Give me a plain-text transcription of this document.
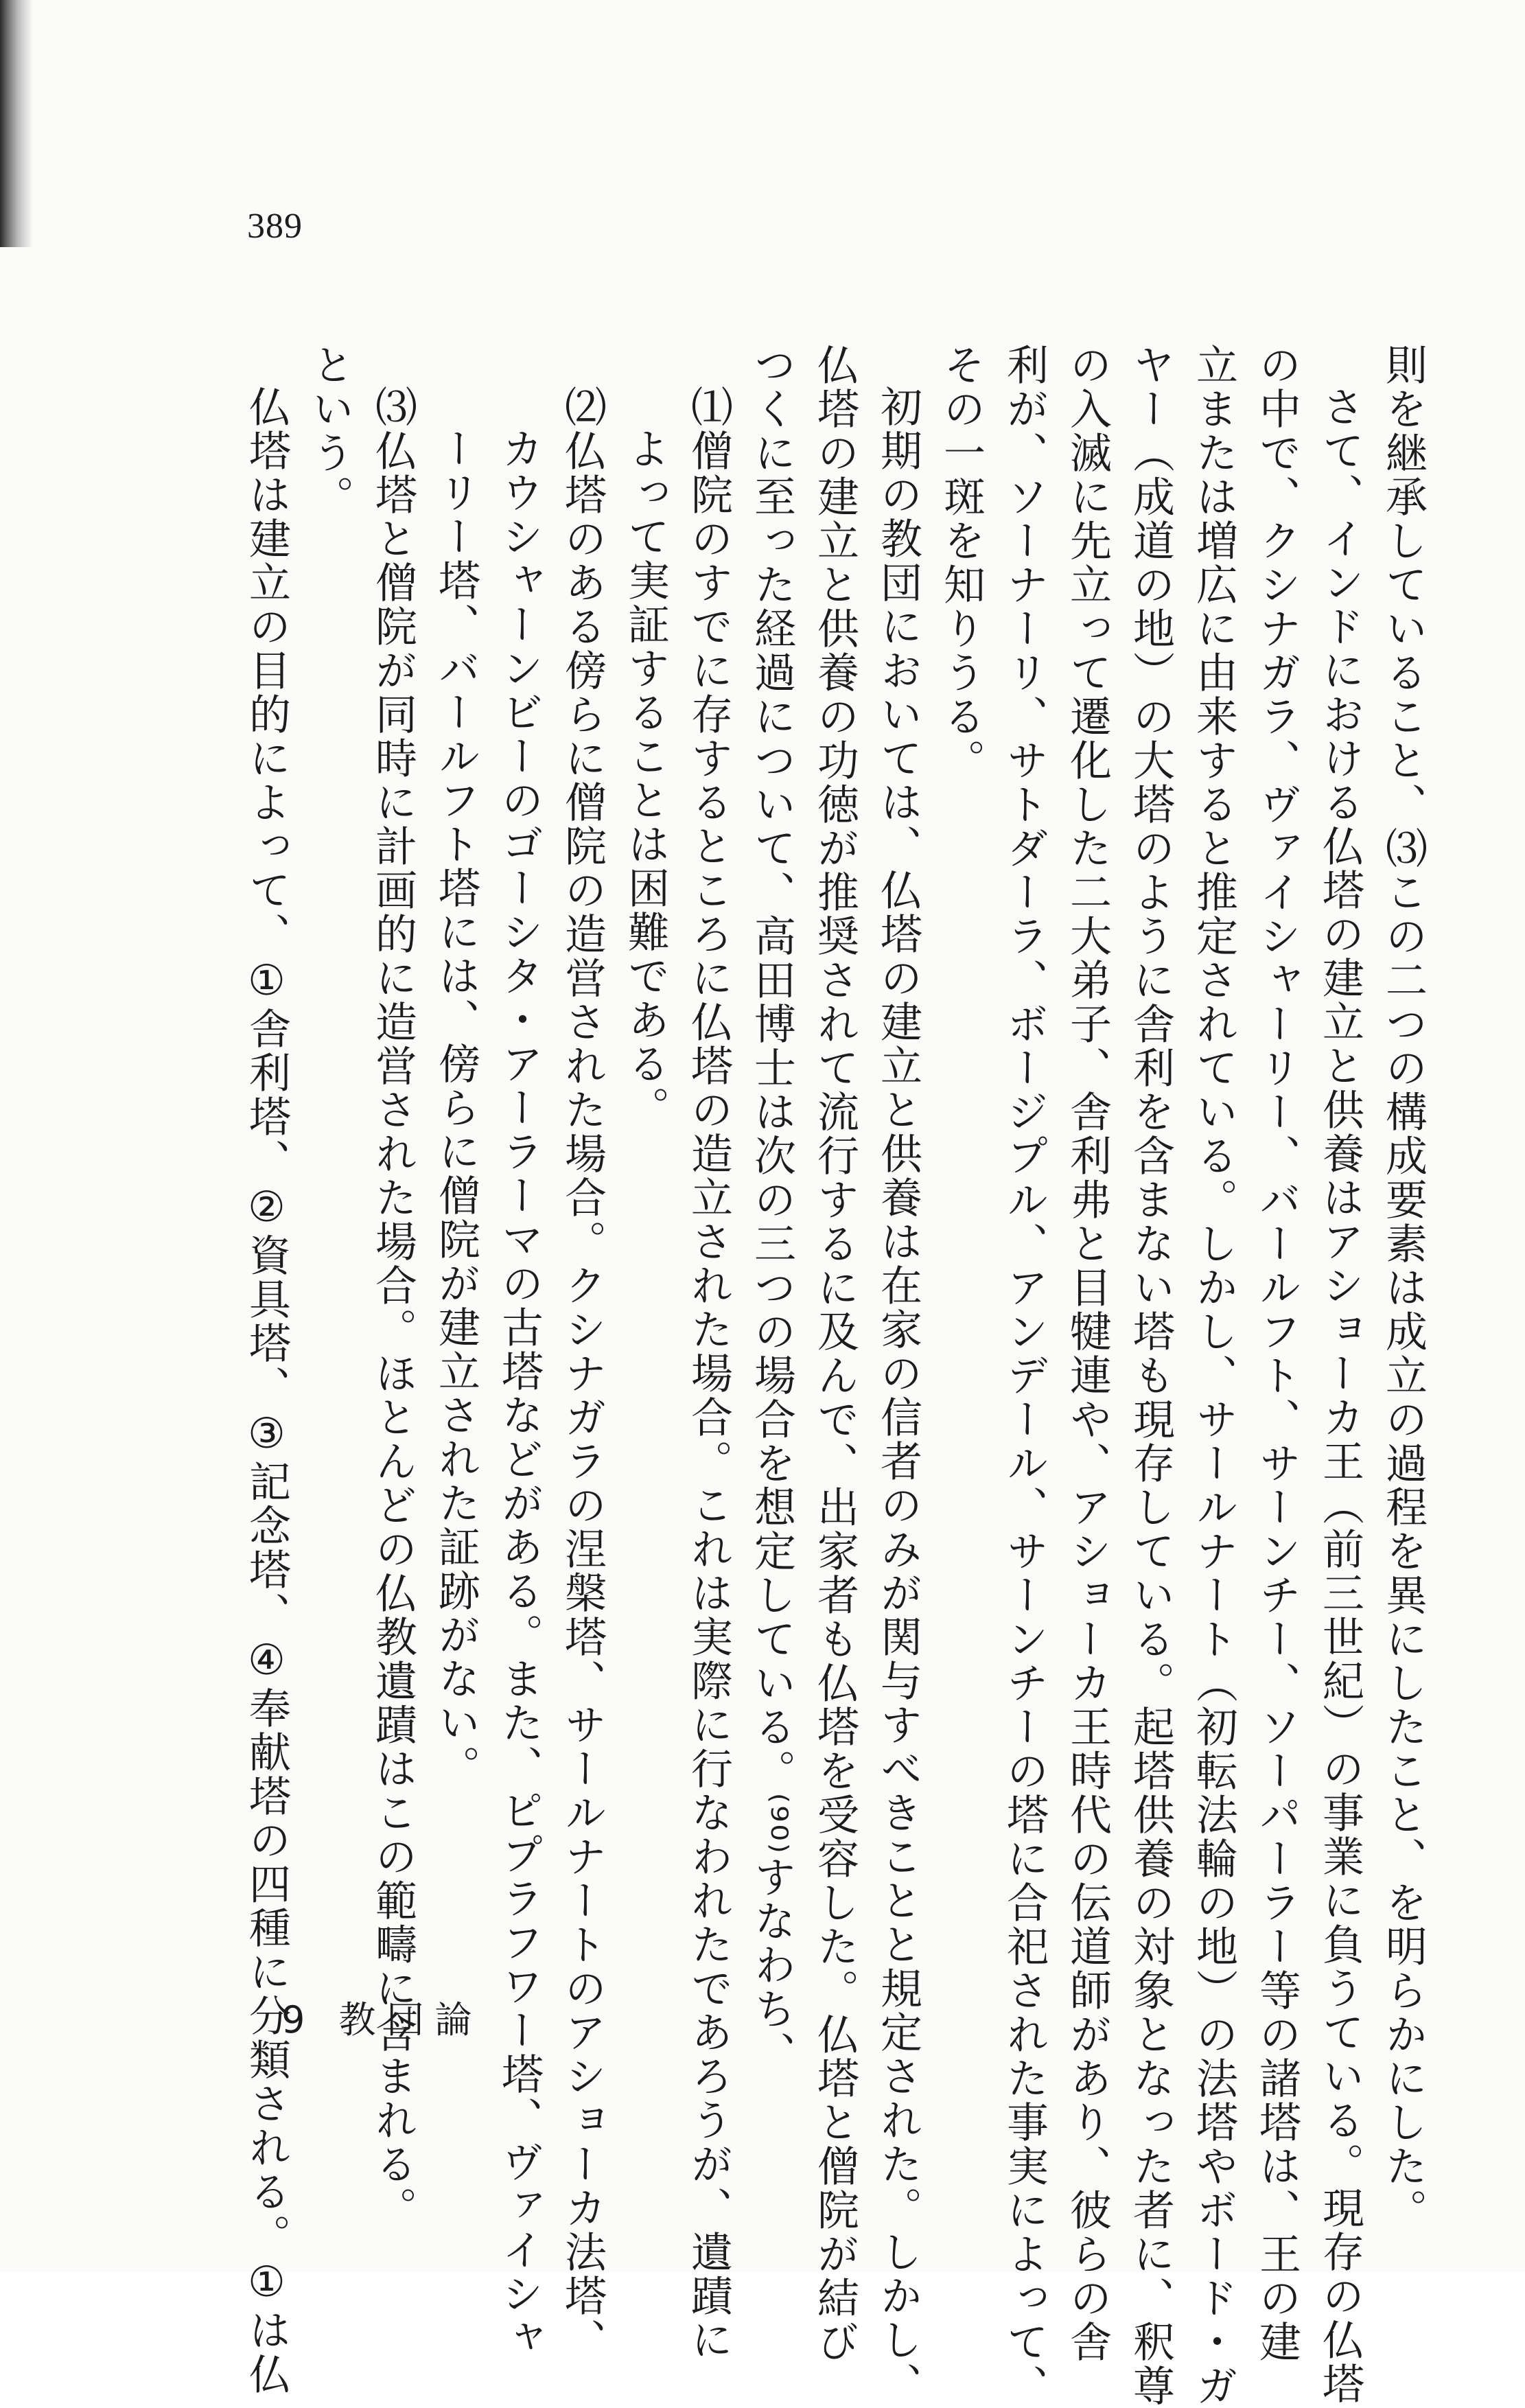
389
則を継承していること、⑶この二つの構成要素は成立の過程を異にしたこと、を明らかにした。
さて、インドにおける仏塔の建立と供養はアショーカ王（前三世紀）の事業に負うている。現存の仏塔
の中で、クシナガラ、ヴァイシャーリー、バールフト、サーンチー、ソーパーラー等の諸塔は、王の建
立または増広に由来すると推定されている。しかし、サールナート（初転法輪の地）の法塔やボード・ガ
ヤー（成道の地）の大塔のように舎利を含まない塔も現存している。起塔供養の対象となった者に、釈尊
の入滅に先立って遷化した二大弟子、舎利弗と目犍連や、アショーカ王時代の伝道師があり、彼らの舎
利が、ソーナーリ、サトダーラ、ボージプル、アンデール、サーンチーの塔に合祀された事実によって、
その一斑を知りうる。
初期の教団においては、仏塔の建立と供養は在家の信者のみが関与すべきことと規定された。しかし、
仏塔の建立と供養の功徳が推奨されて流行するに及んで、出家者も仏塔を受容した。仏塔と僧院が結び
つくに至った経過について、高田博士は次の三つの場合を想定している。⁽⁹⁰⁾すなわち、
⑴僧院のすでに存するところに仏塔の造立された場合。これは実際に行なわれたであろうが、遺蹟に
よって実証することは困難である。
⑵仏塔のある傍らに僧院の造営された場合。クシナガラの涅槃塔、サールナートのアショーカ法塔、
カウシャーンビーのゴーシタ・アーラーマの古塔などがある。また、ピプラフワー塔、ヴァイシャ
ーリー塔、バールフト塔には、傍らに僧院が建立された証跡がない。
⑶仏塔と僧院が同時に計画的に造営された場合。ほとんどの仏教遺蹟はこの範疇に含まれる。
という。
仏塔は建立の目的によって、①舎利塔、②資具塔、③記念塔、④奉献塔の四種に分類される。①は仏
9 教団論
